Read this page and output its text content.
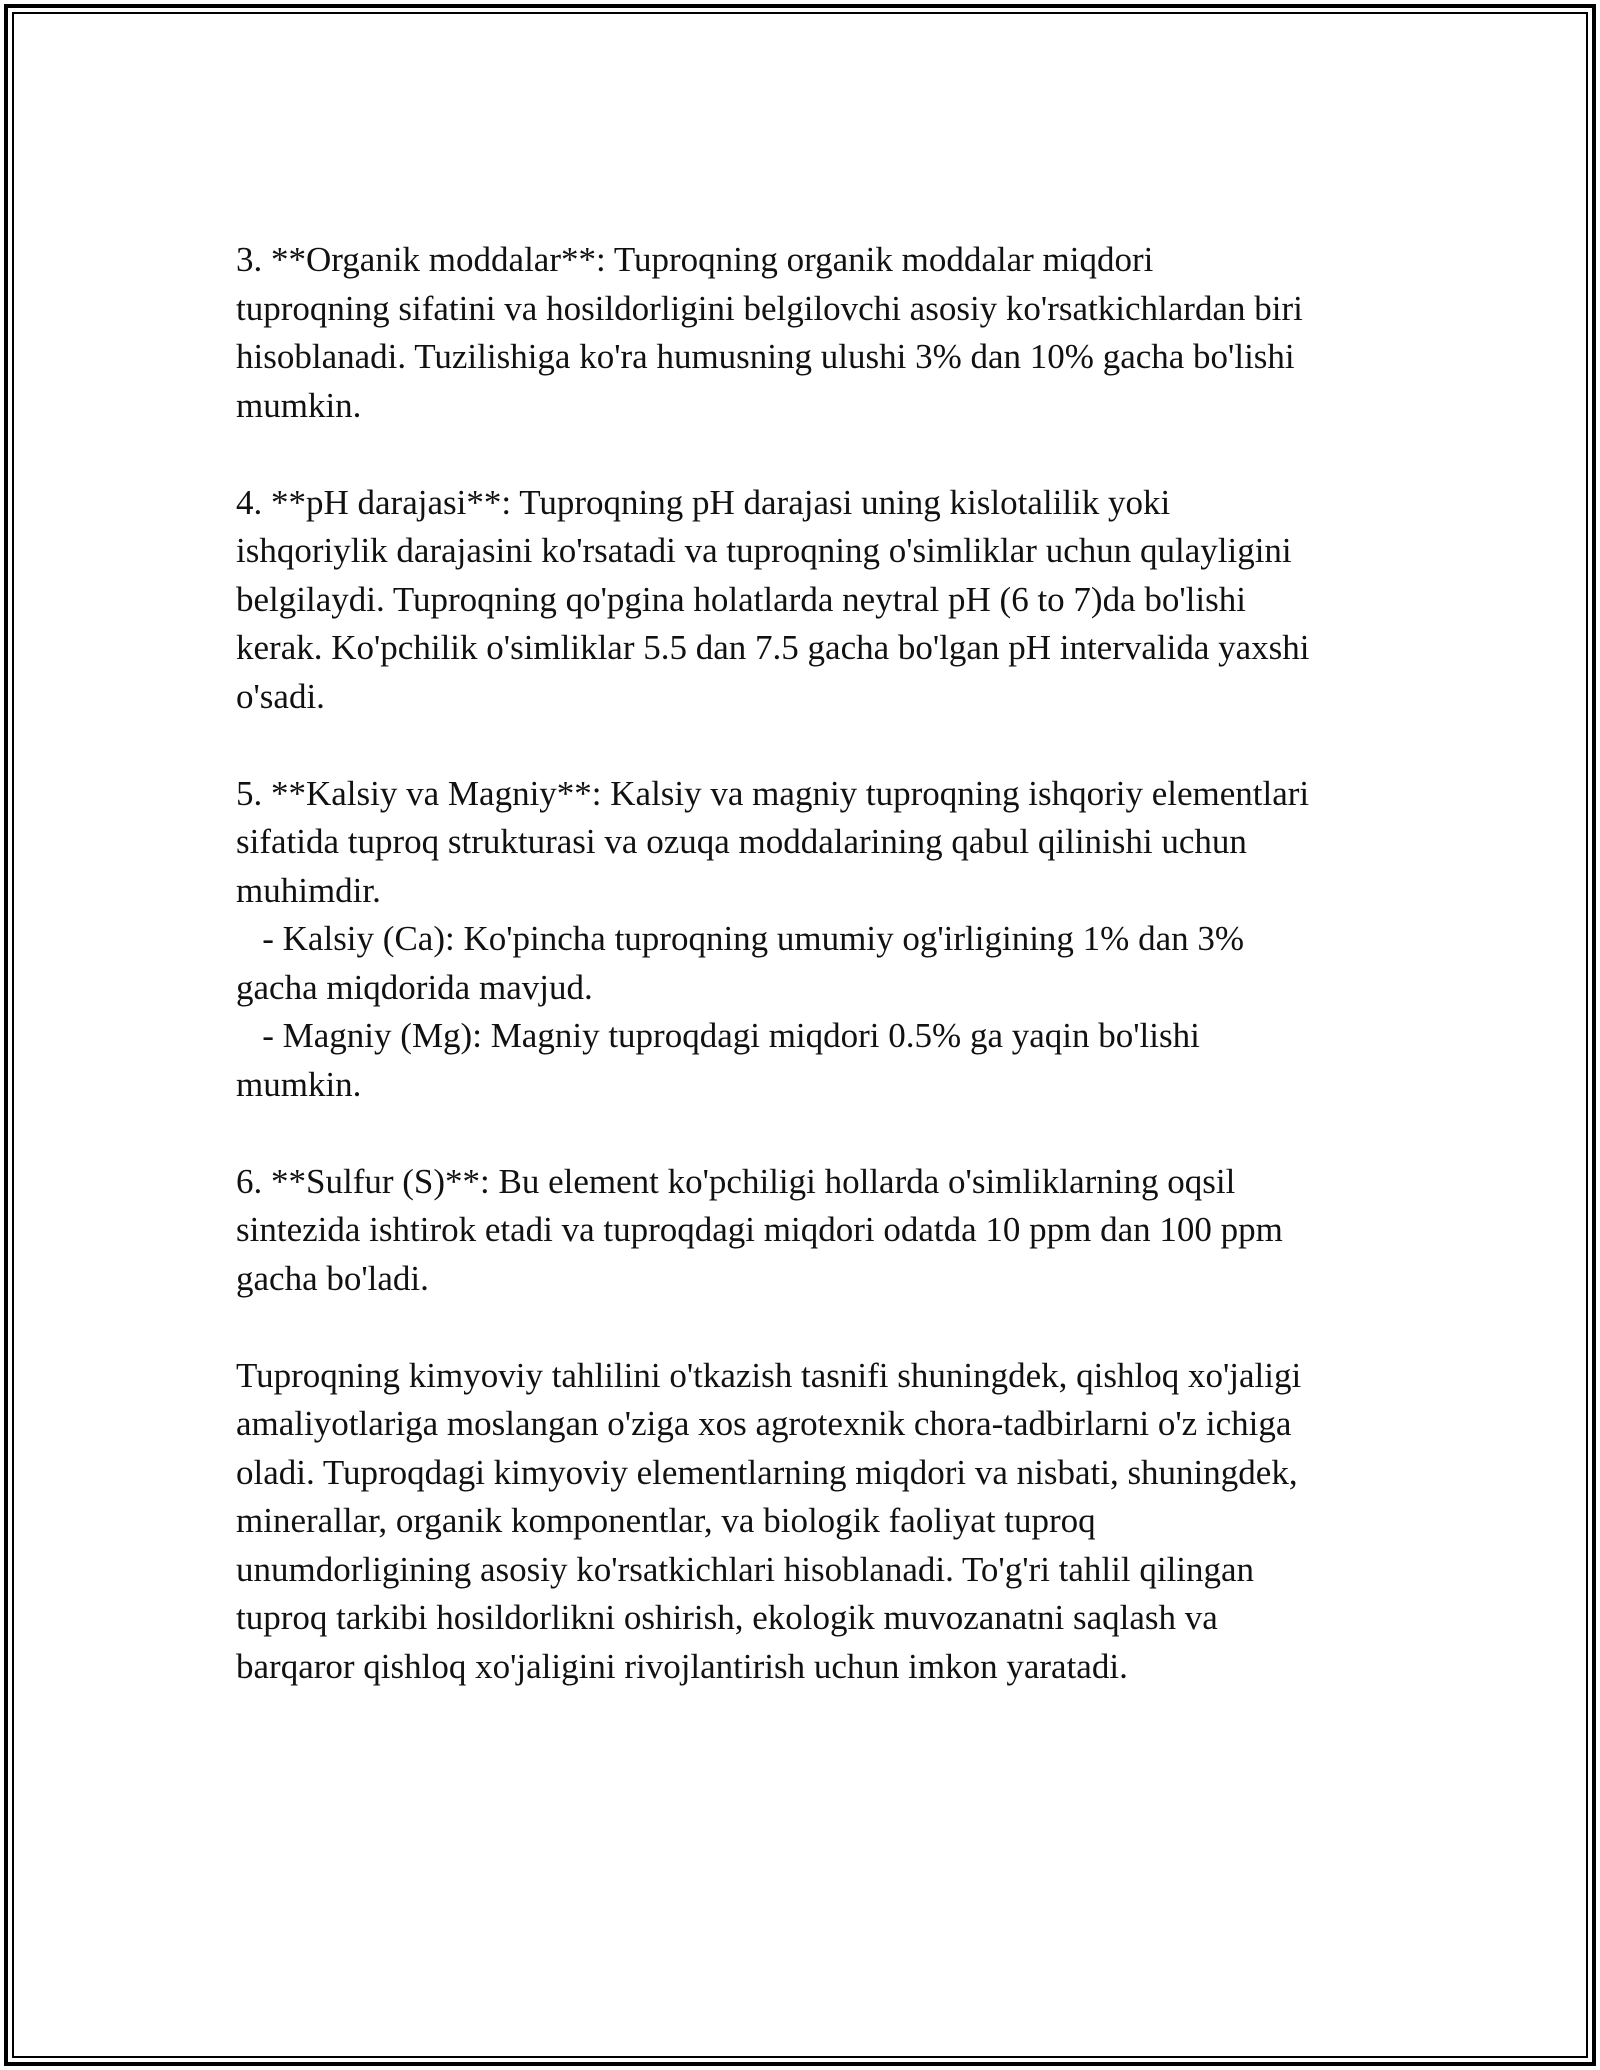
3. **Organik moddalar**: Tuproqning organik moddalar miqdori
tuproqning sifatini va hosildorligini belgilovchi asosiy ko'rsatkichlardan biri
hisoblanadi. Tuzilishiga ko'ra humusning ulushi 3% dan 10% gacha bo'lishi
mumkin.

4. **pH darajasi**: Tuproqning pH darajasi uning kislotalilik yoki
ishqoriylik darajasini ko'rsatadi va tuproqning o'simliklar uchun qulayligini
belgilaydi. Tuproqning qo'pgina holatlarda neytral pH (6 to 7)da bo'lishi
kerak. Ko'pchilik o'simliklar 5.5 dan 7.5 gacha bo'lgan pH intervalida yaxshi
o'sadi.

5. **Kalsiy va Magniy**: Kalsiy va magniy tuproqning ishqoriy elementlari
sifatida tuproq strukturasi va ozuqa moddalarining qabul qilinishi uchun
muhimdir.
- Kalsiy (Ca): Ko'pincha tuproqning umumiy og'irligining 1% dan 3%
gacha miqdorida mavjud.
- Magniy (Mg): Magniy tuproqdagi miqdori 0.5% ga yaqin bo'lishi
mumkin.

6. **Sulfur (S)**: Bu element ko'pchiligi hollarda o'simliklarning oqsil
sintezida ishtirok etadi va tuproqdagi miqdori odatda 10 ppm dan 100 ppm
gacha bo'ladi.

Tuproqning kimyoviy tahlilini o'tkazish tasnifi shuningdek, qishloq xo'jaligi
amaliyotlariga moslangan o'ziga xos agrotexnik chora-tadbirlarni o'z ichiga
oladi. Tuproqdagi kimyoviy elementlarning miqdori va nisbati, shuningdek,
minerallar, organik komponentlar, va biologik faoliyat tuproq
unumdorligining asosiy ko'rsatkichlari hisoblanadi. To'g'ri tahlil qilingan
tuproq tarkibi hosildorlikni oshirish, ekologik muvozanatni saqlash va
barqaror qishloq xo'jaligini rivojlantirish uchun imkon yaratadi.
